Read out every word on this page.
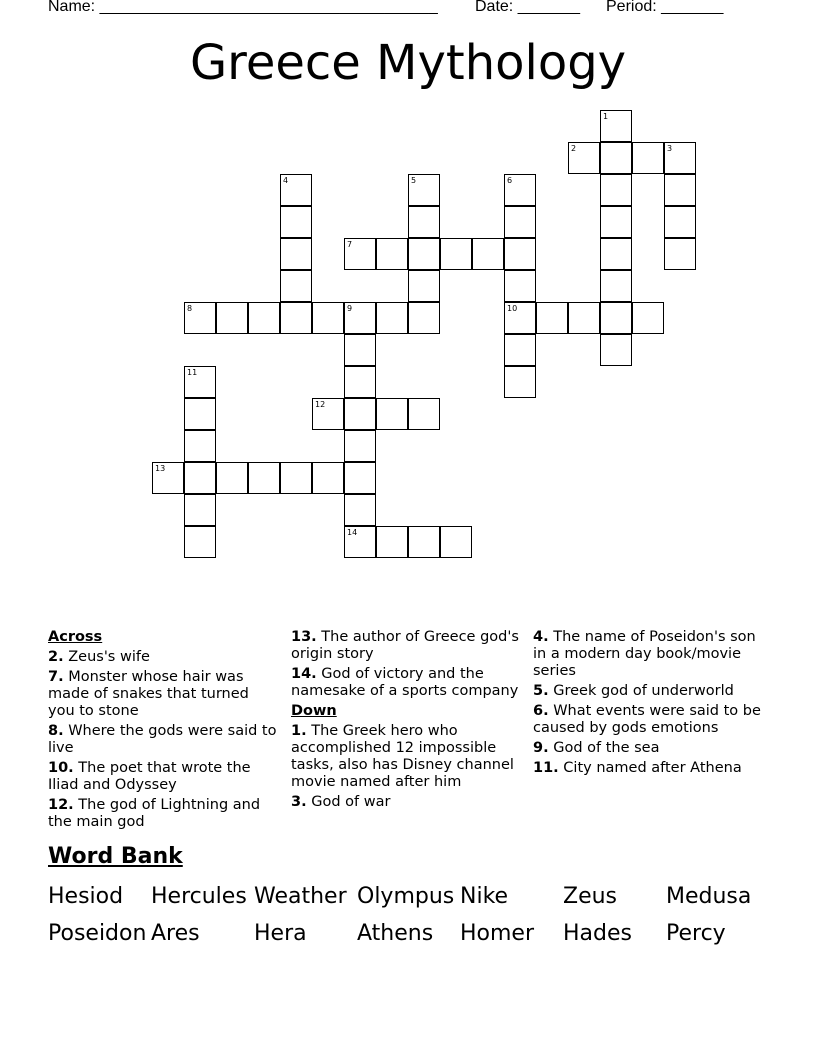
Name: ______________________________________ Date: _______ Period: _______
Greece Mythology
1
2	3
4	5	6
7
8	9	10
11
12
13
14
Across
2. Zeus's wife
7. Monster whose hair was made of snakes that turned you to stone
8. Where the gods were said to live
10. The poet that wrote the Iliad and Odyssey
12. The god of Lightning and the main god
13. The author of Greece god's origin story
14. God of victory and the namesake of a sports company
Down
1. The Greek hero who accomplished 12 impossible tasks, also has Disney channel movie named after him
3. God of war
4. The name of Poseidon's son in a modern day book/movie series
5. Greek god of underworld
6. What events were said to be caused by gods emotions
9. God of the sea
11. City named after Athena
Word Bank
Hesiod Hercules Weather Olympus Nike Zeus Medusa
Poseidon Ares Hera Athens Homer Hades Percy
